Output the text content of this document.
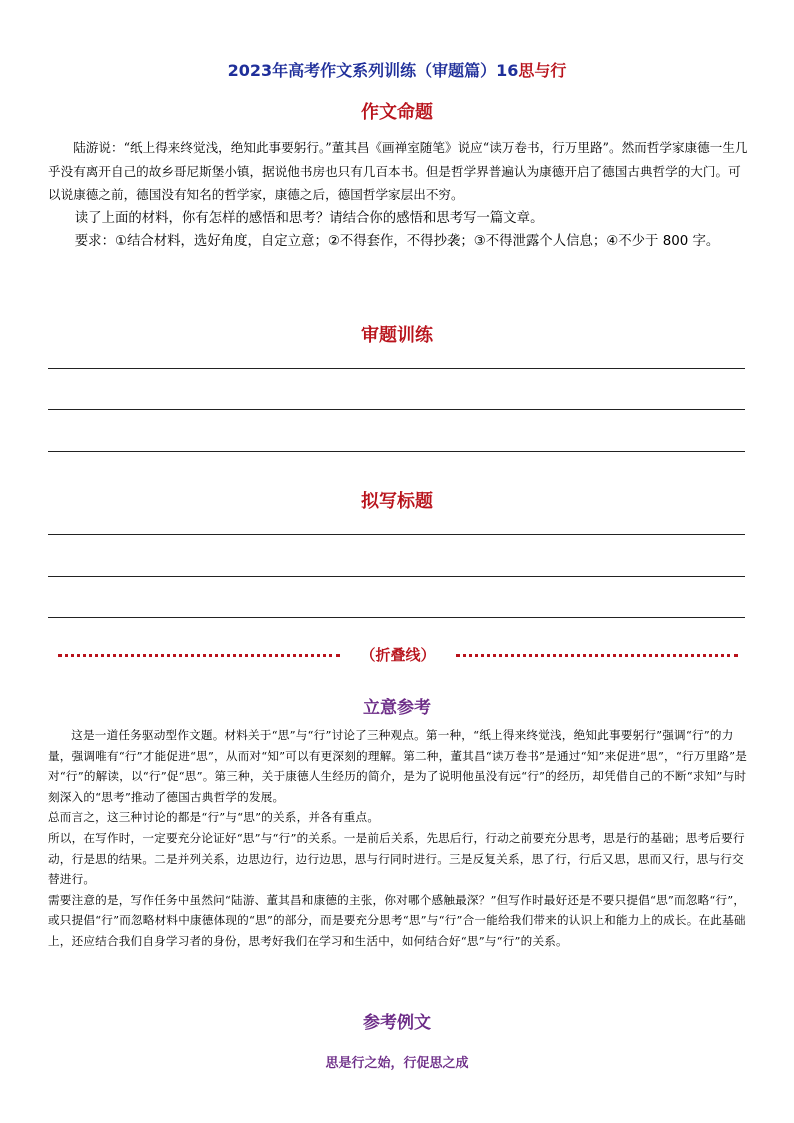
2023年高考作文系列训练（审题篇）16思与行
作文命题

陆游说：“纸上得来终觉浅，绝知此事要躬行。”董其昌《画禅室随笔》说应“读万卷书，行万里路”。然而哲学家康德一生几乎没有离开自己的故乡哥尼斯堡小镇，据说他书房也只有几百本书。但是哲学界普遍认为康德开启了德国古典哲学的大门。可以说康德之前，德国没有知名的哲学家，康德之后，德国哲学家层出不穷。

读了上面的材料，你有怎样的感悟和思考？请结合你的感悟和思考写一篇文章。

要求：①结合材料，选好角度，自定立意；②不得套作，不得抄袭；③不得泄露个人信息；④不少于 800 字。

审题训练
拟写标题
（折叠线）
立意参考

这是一道任务驱动型作文题。材料关于“思”与“行”讨论了三种观点。第一种，“纸上得来终觉浅，绝知此事要躬行”强调“行”的力量，强调唯有“行”才能促进“思”，从而对“知”可以有更深刻的理解。第二种，董其昌“读万卷书”是通过“知”来促进“思”，“行万里路”是对“行”的解读，以“行”促“思”。第三种，关于康德人生经历的简介，是为了说明他虽没有远“行”的经历，却凭借自己的不断“求知”与时刻深入的“思考”推动了德国古典哲学的发展。

总而言之，这三种讨论的都是“行”与“思”的关系，并各有重点。

所以，在写作时，一定要充分论证好“思”与“行”的关系。一是前后关系，先思后行，行动之前要充分思考，思是行的基础；思考后要行动，行是思的结果。二是并列关系，边思边行，边行边思，思与行同时进行。三是反复关系，思了行，行后又思，思而又行，思与行交替进行。

需要注意的是，写作任务中虽然问“陆游、董其昌和康德的主张，你对哪个感触最深？”但写作时最好还是不要只提倡“思”而忽略“行”，或只提倡“行”而忽略材料中康德体现的“思”的部分，而是要充分思考“思”与“行”合一能给我们带来的认识上和能力上的成长。在此基础上，还应结合我们自身学习者的身份，思考好我们在学习和生活中，如何结合好“思”与“行”的关系。

参考例文
思是行之始，行促思之成
